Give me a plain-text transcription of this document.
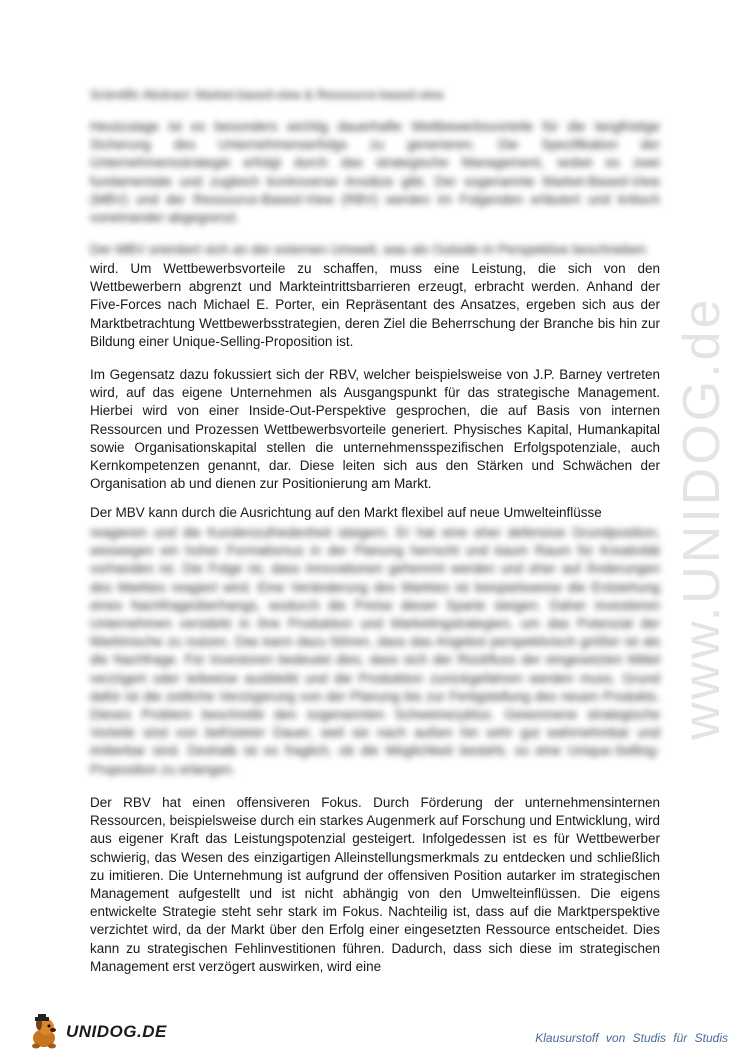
Scientific Abstract: Market-based-view & Ressource-based-view

Heutzutage ist es besonders wichtig dauerhafte Wettbewerbsvorteile für die langfristige Sicherung des Unternehmenserfolgs zu generieren. Die Spezifikation der Unternehmensstrategie erfolgt durch das strategische Management, wobei es zwei fundamentale und zugleich kontroverse Ansätze gibt. Der sogenannte Market-Based-View (MBV) und der Ressource-Based-View (RBV) werden im Folgenden erläutert und kritisch voneinander abgegrenzt.

Der MBV orientiert sich an der externen Umwelt, was als Outside-In Perspektive beschrieben

wird. Um Wettbewerbsvorteile zu schaffen, muss eine Leistung, die sich von den Wettbewerbern abgrenzt und Markteintrittsbarrieren erzeugt, erbracht werden. Anhand der Five-Forces nach Michael E. Porter, ein Repräsentant des Ansatzes, ergeben sich aus der Marktbetrachtung Wettbewerbsstrategien, deren Ziel die Beherrschung der Branche bis hin zur Bildung einer Unique-Selling-Proposition ist.

Im Gegensatz dazu fokussiert sich der RBV, welcher beispielsweise von J.P. Barney vertreten wird, auf das eigene Unternehmen als Ausgangspunkt für das strategische Management. Hierbei wird von einer Inside-Out-Perspektive gesprochen, die auf Basis von internen Ressourcen und Prozessen Wettbewerbsvorteile generiert. Physisches Kapital, Humankapital sowie Organisationskapital stellen die unternehmensspezifischen Erfolgspotenziale, auch Kernkompetenzen genannt, dar. Diese leiten sich aus den Stärken und Schwächen der Organisation ab und dienen zur Positionierung am Markt.

Der MBV kann durch die Ausrichtung auf den Markt flexibel auf neue Umwelteinflüsse

reagieren und die Kundenzufriedenheit steigern. Er hat eine eher defensive Grundposition, weswegen ein hoher Formalismus in der Planung herrscht und kaum Raum für Kreativität vorhanden ist. Die Folge ist, dass Innovationen gehemmt werden und eher auf Änderungen des Marktes reagiert wird. Eine Veränderung des Marktes ist beispielsweise die Entstehung eines Nachfrageüberhangs, wodurch die Preise dieser Sparte steigen. Daher investieren Unternehmen verstärkt in ihre Produktion und Marketingstrategien, um das Potenzial der Marktnische zu nutzen. Das kann dazu führen, dass das Angebot perspektivisch größer ist als die Nachfrage. Für Investoren bedeutet dies, dass sich der Rückfluss der eingesetzten Mittel verzögert oder teilweise ausbleibt und die Produktion zurückgefahren werden muss. Grund dafür ist die zeitliche Verzögerung von der Planung bis zur Fertigstellung des neuen Produkts. Dieses Problem beschreibt den sogenannten Schweinezyklus. Gewonnene strategische Vorteile sind von befristeter Dauer, weil sie nach außen hin sehr gut wahrnehmbar und imitierbar sind. Deshalb ist es fraglich, ob die Möglichkeit besteht, so eine Unique-Selling-Proposition zu erlangen.

Der RBV hat einen offensiveren Fokus. Durch Förderung der unternehmensinternen Ressourcen, beispielsweise durch ein starkes Augenmerk auf Forschung und Entwicklung, wird aus eigener Kraft das Leistungspotenzial gesteigert. Infolgedessen ist es für Wettbewerber schwierig, das Wesen des einzigartigen Alleinstellungsmerkmals zu entdecken und schließlich zu imitieren. Die Unternehmung ist aufgrund der offensiven Position autarker im strategischen Management aufgestellt und ist nicht abhängig von den Umwelteinflüssen. Die eigens entwickelte Strategie steht sehr stark im Fokus. Nachteilig ist, dass auf die Marktperspektive verzichtet wird, da der Markt über den Erfolg einer eingesetzten Ressource entscheidet. Dies kann zu strategischen Fehlinvestitionen führen. Dadurch, dass sich diese im strategischen Management erst verzögert auswirken, wird eine

www.UNIDOG.de
UNIDOG.DE	Klausurstoff von Studis für Studis
